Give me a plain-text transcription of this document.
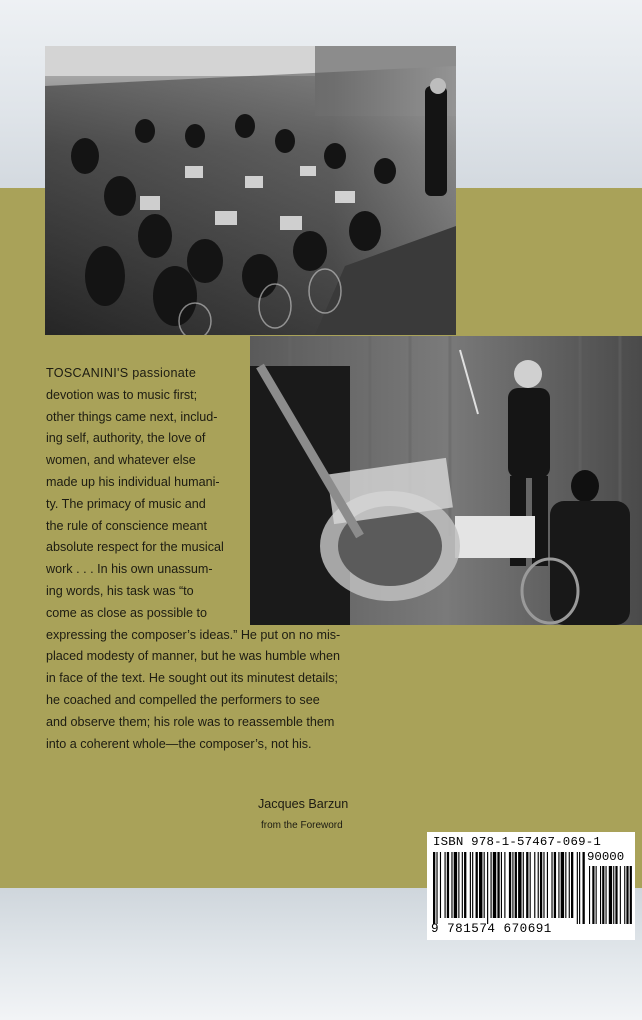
TOSCANINI'S passionate
devotion was to music first;
other things came next, includ-
ing self, authority, the love of
women, and whatever else
made up his individual humani-
ty. The primacy of music and
the rule of conscience meant
absolute respect for the musical
work . . . In his own unassum-
ing words, his task was “to
come as close as possible to
expressing the composer’s ideas.” He put on no mis-
placed modesty of manner, but he was humble when
in face of the text. He sought out its minutest details;
he coached and compelled the performers to see
and observe them; his role was to reassemble them
into a coherent whole—the composer’s, not his.
Jacques Barzun
from the Foreword
ISBN 978-1-57467-069-1
90000
9 781574 670691
